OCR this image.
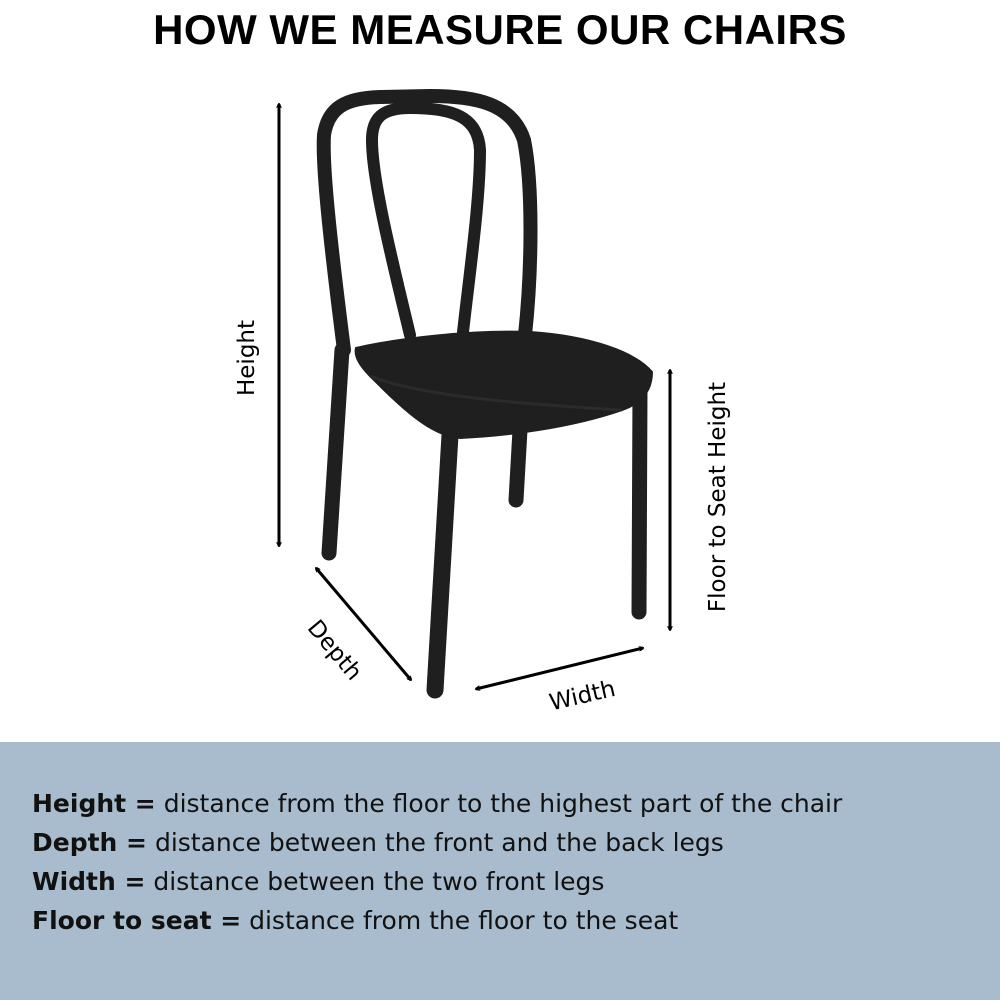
HOW WE MEASURE OUR CHAIRS
Height
Floor to Seat Height
Depth
Width
Height = distance from the floor to the highest part of the chair
Depth = distance between the front and the back legs
Width = distance between the two front legs
Floor to seat = distance from the floor to the seat
